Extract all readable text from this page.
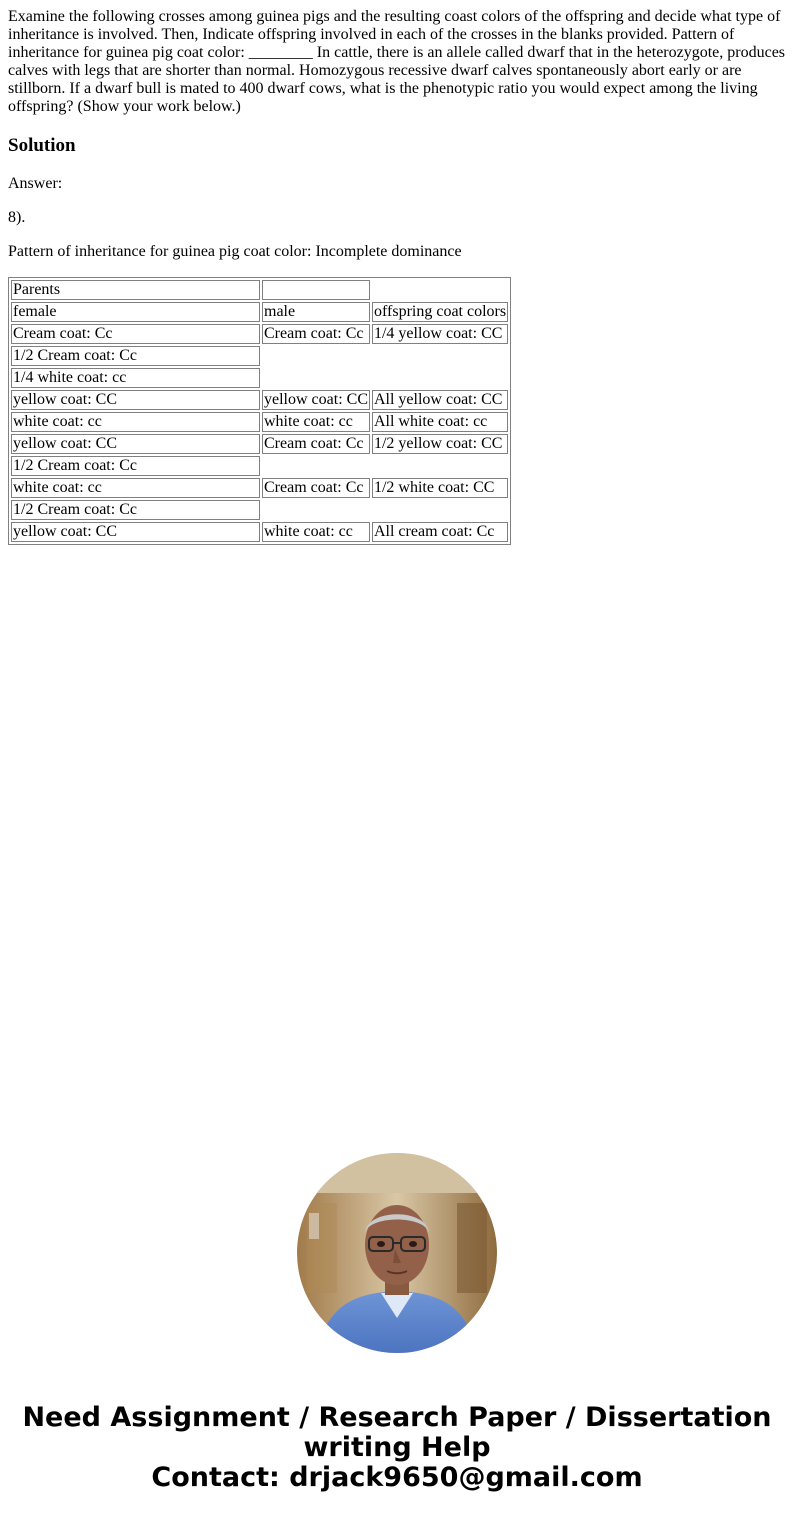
Examine the following crosses among guinea pigs and the resulting coast colors of the offspring and decide what type of inheritance is involved. Then, Indicate offspring involved in each of the crosses in the blanks provided. Pattern of inheritance for guinea pig coat color: ________ In cattle, there is an allele called dwarf that in the heterozygote, produces calves with legs that are shorter than normal. Homozygous recessive dwarf calves spontaneously abort early or are stillborn. If a dwarf bull is mated to 400 dwarf cows, what is the phenotypic ratio you would expect among the living offspring? (Show your work below.)

Solution

Answer:

8).

Pattern of inheritance for guinea pig coat color: Incomplete dominance

Parents		
female	male	offspring coat colors
Cream coat: Cc	Cream coat: Cc	1/4 yellow coat: CC
1/2 Cream coat: Cc		
1/4 white coat: cc		
yellow coat: CC	yellow coat: CC	All yellow coat: CC
white coat: cc	white coat: cc	All white coat: cc
yellow coat: CC	Cream coat: Cc	1/2 yellow coat: CC
1/2 Cream coat: Cc		
white coat: cc	Cream coat: Cc	1/2 white coat: CC
1/2 Cream coat: Cc		
yellow coat: CC	white coat: cc	All cream coat: Cc
Need Assignment / Research Paper / Dissertation
writing Help
Contact: drjack9650@gmail.com
